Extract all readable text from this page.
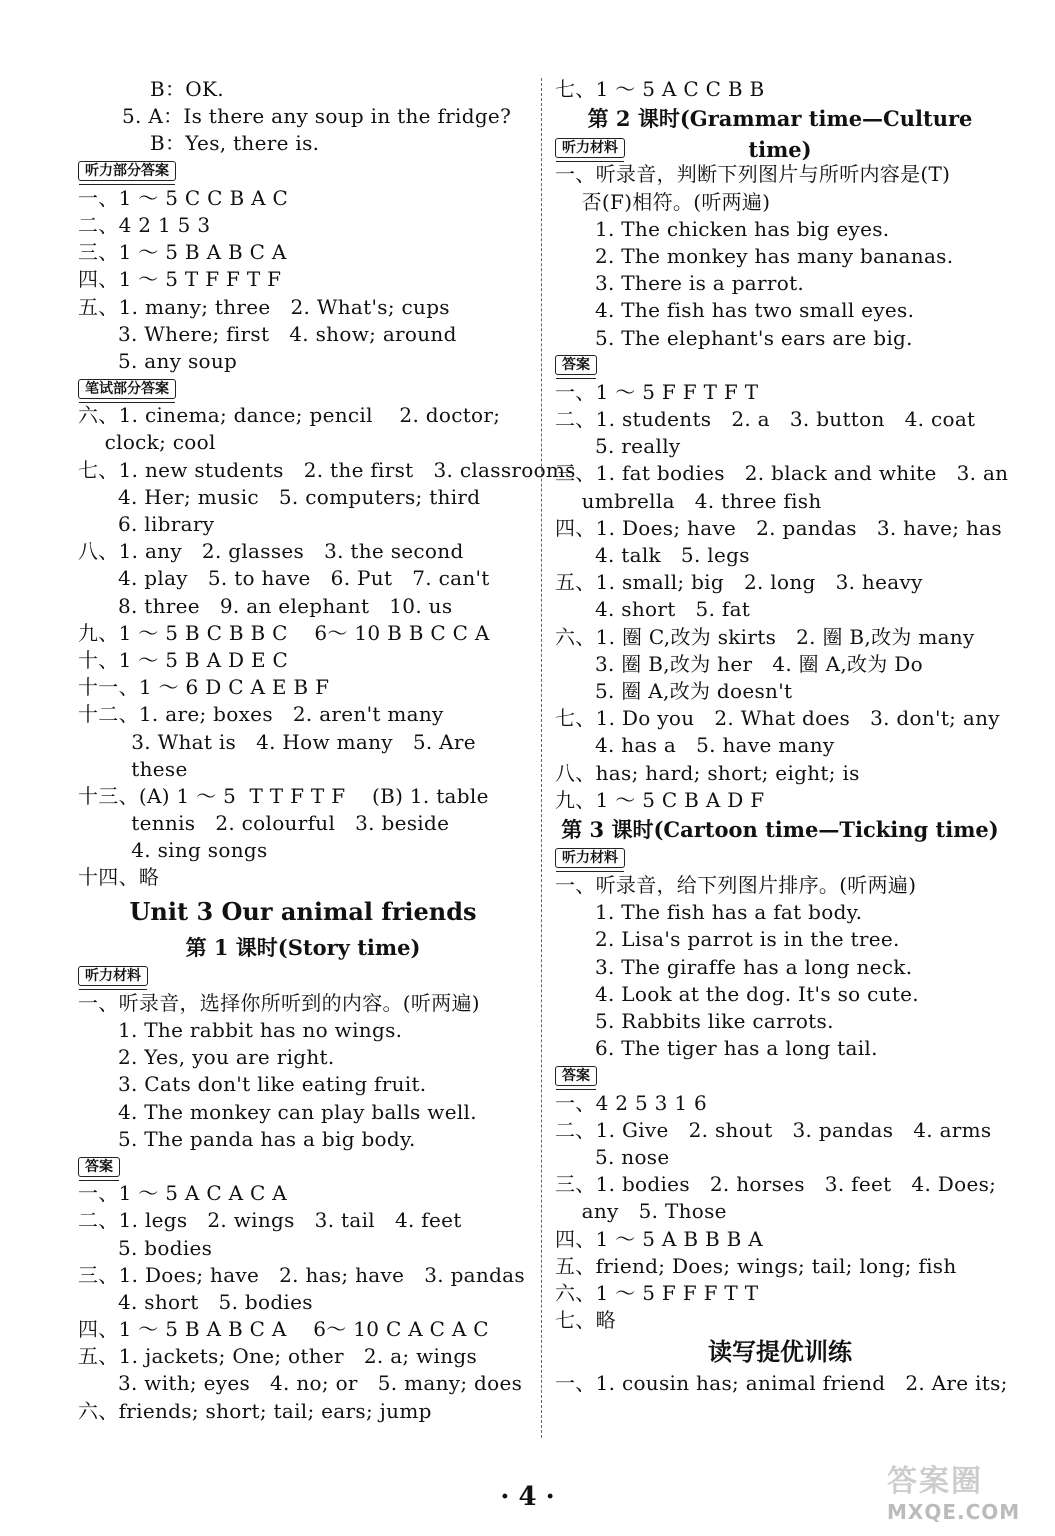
B：OK.
5. A：Is there any soup in the fridge?
B：Yes, there is.
听力部分答案
一、1 ～ 5 C C B A C
二、4 2 1 5 3
三、1 ～ 5 B A B C A
四、1 ～ 5 T F F T F
五、1. many; three   2. What's; cups
3. Where; first   4. show; around
5. any soup
笔试部分答案
六、1. cinema; dance; pencil    2. doctor;
clock; cool
七、1. new students   2. the first   3. classrooms
4. Her; music   5. computers; third
6. library
八、1. any   2. glasses   3. the second
4. play   5. to have   6. Put   7. can't
8. three   9. an elephant   10. us
九、1 ～ 5 B C B B C    6～ 10 B B C C A
十、1 ～ 5 B A D E C
十一、1 ～ 6 D C A E B F
十二、1. are; boxes   2. aren't many
3. What is   4. How many   5. Are
these
十三、(A) 1 ～ 5  T T F T F    (B) 1. table
tennis   2. colourful   3. beside
4. sing songs
十四、略
Unit 3 Our animal friends
第 1 课时(Story time)
听力材料
一、听录音，选择你所听到的内容。(听两遍)
1. The rabbit has no wings.
2. Yes, you are right.
3. Cats don't like eating fruit.
4. The monkey can play balls well.
5. The panda has a big body.
答案
一、1 ～ 5 A C A C A
二、1. legs   2. wings   3. tail   4. feet
5. bodies
三、1. Does; have   2. has; have   3. pandas
4. short   5. bodies
四、1 ～ 5 B A B C A    6～ 10 C A C A C
五、1. jackets; One; other   2. a; wings
3. with; eyes   4. no; or   5. many; does
六、friends; short; tail; ears; jump
七、1 ～ 5 A C C B B
第 2 课时(Grammar time—Culture time)
听力材料
一、听录音，判断下列图片与所听内容是(T)
否(F)相符。(听两遍)
1. The chicken has big eyes.
2. The monkey has many bananas.
3. There is a parrot.
4. The fish has two small eyes.
5. The elephant's ears are big.
答案
一、1 ～ 5 F F T F T
二、1. students   2. a   3. button   4. coat
5. really
三、1. fat bodies   2. black and white   3. an
umbrella   4. three fish
四、1. Does; have   2. pandas   3. have; has
4. talk   5. legs
五、1. small; big   2. long   3. heavy
4. short   5. fat
六、1. 圈 C,改为 skirts   2. 圈 B,改为 many
3. 圈 B,改为 her   4. 圈 A,改为 Do
5. 圈 A,改为 doesn't
七、1. Do you   2. What does   3. don't; any
4. has a   5. have many
八、has; hard; short; eight; is
九、1 ～ 5 C B A D F
第 3 课时(Cartoon time—Ticking time)
听力材料
一、听录音，给下列图片排序。(听两遍)
1. The fish has a fat body.
2. Lisa's parrot is in the tree.
3. The giraffe has a long neck.
4. Look at the dog. It's so cute.
5. Rabbits like carrots.
6. The tiger has a long tail.
答案
一、4 2 5 3 1 6
二、1. Give   2. shout   3. pandas   4. arms
5. nose
三、1. bodies   2. horses   3. feet   4. Does;
any   5. Those
四、1 ～ 5 A B B B A
五、friend; Does; wings; tail; long; fish
六、1 ～ 5 F F F T T
七、略
读写提优训练
一、1. cousin has; animal friend   2. Are its;
· 4 ·	答案圈
MXQE.COM
